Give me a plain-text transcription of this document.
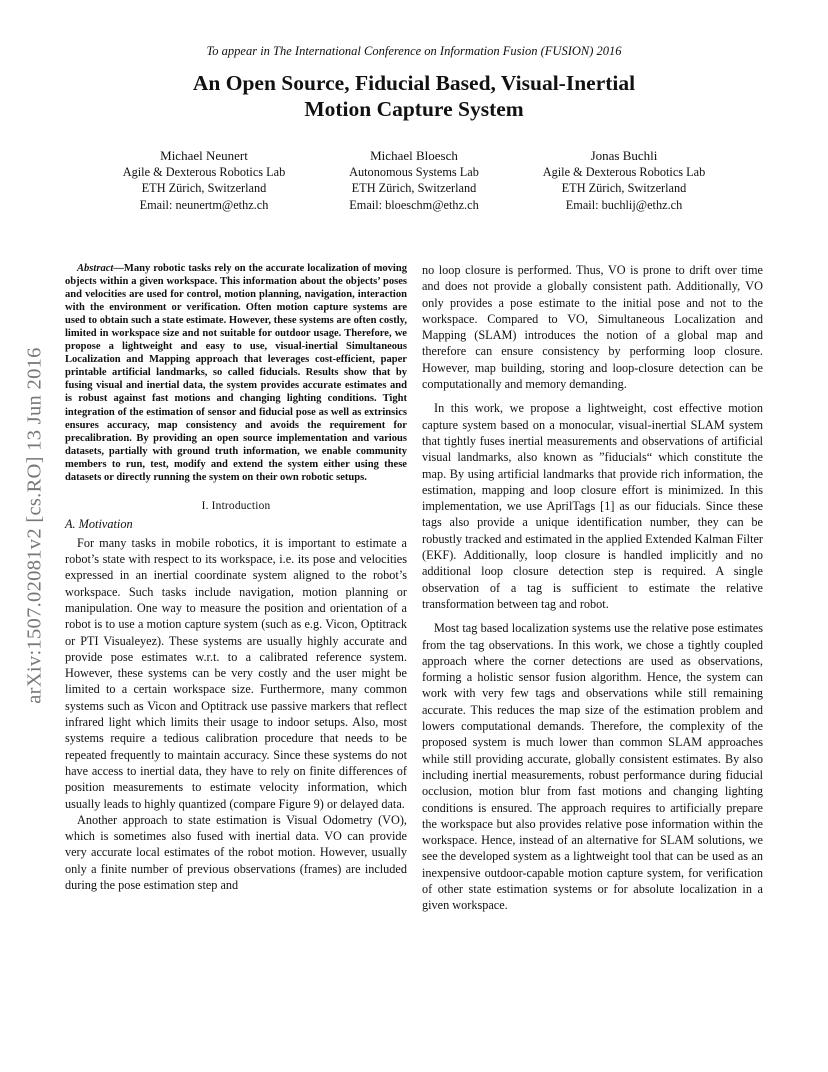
To appear in The International Conference on Information Fusion (FUSION) 2016
An Open Source, Fiducial Based, Visual-Inertial
Motion Capture System
Michael Neunert
Agile & Dexterous Robotics Lab
ETH Zürich, Switzerland
Email: neunertm@ethz.ch
Michael Bloesch
Autonomous Systems Lab
ETH Zürich, Switzerland
Email: bloeschm@ethz.ch
Jonas Buchli
Agile & Dexterous Robotics Lab
ETH Zürich, Switzerland
Email: buchlij@ethz.ch
arXiv:1507.02081v2 [cs.RO] 13 Jun 2016

Abstract—Many robotic tasks rely on the accurate localization of moving objects within a given workspace. This information about the objects’ poses and velocities are used for control, motion planning, navigation, interaction with the environment or verification. Often motion capture systems are used to obtain such a state estimate. However, these systems are often costly, limited in workspace size and not suitable for outdoor usage. Therefore, we propose a lightweight and easy to use, visual-inertial Simultaneous Localization and Mapping approach that leverages cost-efficient, paper printable artificial landmarks, so called fiducials. Results show that by fusing visual and inertial data, the system provides accurate estimates and is robust against fast motions and changing lighting conditions. Tight integration of the estimation of sensor and fiducial pose as well as extrinsics ensures accuracy, map consistency and avoids the requirement for precalibration. By providing an open source implementation and various datasets, partially with ground truth information, we enable community members to run, test, modify and extend the system either using these datasets or directly running the system on their own robotic setups.

I. Introduction
A. Motivation

For many tasks in mobile robotics, it is important to estimate a robot’s state with respect to its workspace, i.e. its pose and velocities expressed in an inertial coordinate system aligned to the robot’s workspace. Such tasks include navigation, motion planning or manipulation. One way to measure the position and orientation of a robot is to use a motion capture system (such as e.g. Vicon, Optitrack or PTI Visualeyez). These systems are usually highly accurate and provide pose estimates w.r.t. to a calibrated reference system. However, these systems can be very costly and the user might be limited to a certain workspace size. Furthermore, many common systems such as Vicon and Optitrack use passive markers that reflect infrared light which limits their usage to indoor setups. Also, most systems require a tedious calibration procedure that needs to be repeated frequently to maintain accuracy. Since these systems do not have access to inertial data, they have to rely on finite differences of position measurements to estimate velocity information, which usually leads to highly quantized (compare Figure 9) or delayed data.

Another approach to state estimation is Visual Odometry (VO), which is sometimes also fused with inertial data. VO can provide very accurate local estimates of the robot motion. However, usually only a finite number of previous observations (frames) are included during the pose estimation step and

no loop closure is performed. Thus, VO is prone to drift over time and does not provide a globally consistent path. Additionally, VO only provides a pose estimate to the initial pose and not to the workspace. Compared to VO, Simultaneous Localization and Mapping (SLAM) introduces the notion of a global map and therefore can ensure consistency by performing loop closure. However, map building, storing and loop-closure detection can be computationally and memory demanding.

In this work, we propose a lightweight, cost effective motion capture system based on a monocular, visual-inertial SLAM system that tightly fuses inertial measurements and observations of artificial visual landmarks, also known as ”fiducials“ which constitute the map. By using artificial landmarks that provide rich information, the estimation, mapping and loop closure effort is minimized. In this implementation, we use AprilTags [1] as our fiducials. Since these tags also provide a unique identification number, they can be robustly tracked and estimated in the applied Extended Kalman Filter (EKF). Additionally, loop closure is handled implicitly and no additional loop closure detection step is required. A single observation of a tag is sufficient to estimate the relative transformation between tag and robot.

Most tag based localization systems use the relative pose estimates from the tag observations. In this work, we chose a tightly coupled approach where the corner detections are used as observations, forming a holistic sensor fusion algorithm. Hence, the system can work with very few tags and observations while still remaining accurate. This reduces the map size of the estimation problem and lowers computational demands. Therefore, the complexity of the proposed system is much lower than common SLAM approaches while still providing accurate, globally consistent estimates. By also including inertial measurements, robust performance during fiducial occlusion, motion blur from fast motions and changing lighting conditions is ensured. The approach requires to artificially prepare the workspace but also provides relative pose information within the workspace. Hence, instead of an alternative for SLAM solutions, we see the developed system as a lightweight tool that can be used as an inexpensive outdoor-capable motion capture system, for verification of other state estimation systems or for absolute localization in a given workspace.
